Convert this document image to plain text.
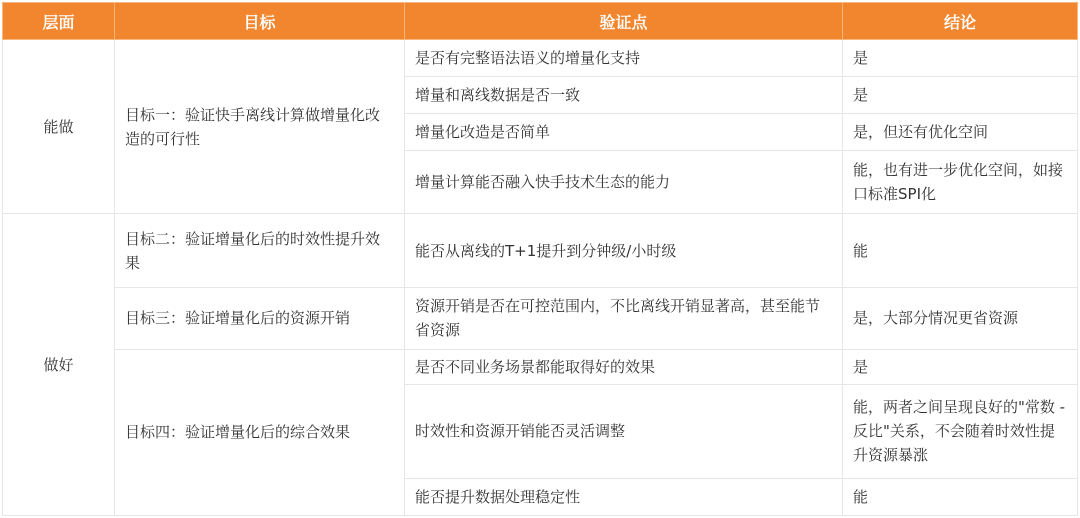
层面	目标	验证点	结论
能做	目标一：验证快手离线计算做增量化改造的可行性	是否有完整语法语义的增量化支持	是
		增量和离线数据是否一致	是
		增量化改造是否简单	是，但还有优化空间
		增量计算能否融入快手技术生态的能力	能，也有进一步优化空间，如接口标准SPI化
做好	目标二：验证增量化后的时效性提升效果	能否从离线的T+1提升到分钟级/小时级	能
	目标三：验证增量化后的资源开销	资源开销是否在可控范围内，不比离线开销显著高，甚至能节省资源	是，大部分情况更省资源
	目标四：验证增量化后的综合效果	是否不同业务场景都能取得好的效果	是
		时效性和资源开销能否灵活调整	能，两者之间呈现良好的"常数 - 反比"关系，不会随着时效性提升资源暴涨
		能否提升数据处理稳定性	能
